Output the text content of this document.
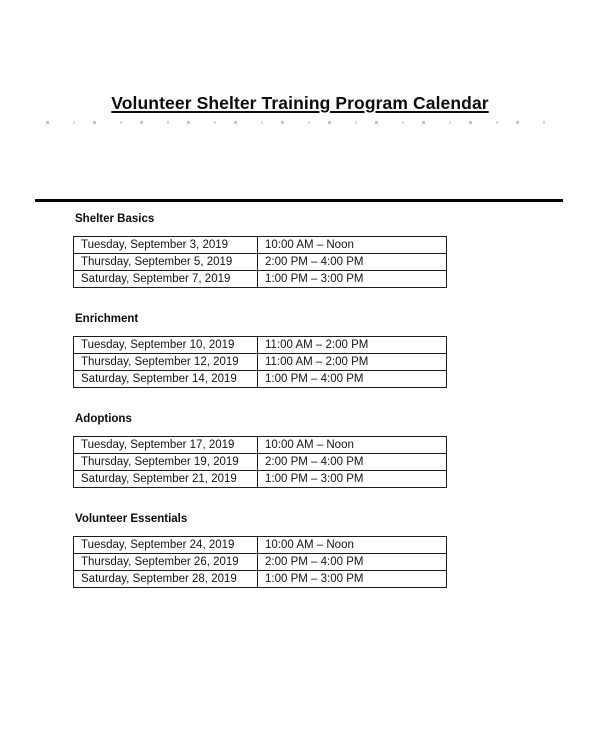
Volunteer Shelter Training Program Calendar
Shelter Basics
Tuesday, September 3, 2019	10:00 AM – Noon
Thursday, September 5, 2019	2:00 PM – 4:00 PM
Saturday, September 7, 2019	1:00 PM – 3:00 PM
Enrichment
Tuesday, September 10, 2019	11:00 AM – 2:00 PM
Thursday, September 12, 2019	11:00 AM – 2:00 PM
Saturday, September 14, 2019	1:00 PM – 4:00 PM
Adoptions
Tuesday, September 17, 2019	10:00 AM – Noon
Thursday, September 19, 2019	2:00 PM – 4:00 PM
Saturday, September 21, 2019	1:00 PM – 3:00 PM
Volunteer Essentials
Tuesday, September 24, 2019	10:00 AM – Noon
Thursday, September 26, 2019	2:00 PM – 4:00 PM
Saturday, September 28, 2019	1:00 PM – 3:00 PM
